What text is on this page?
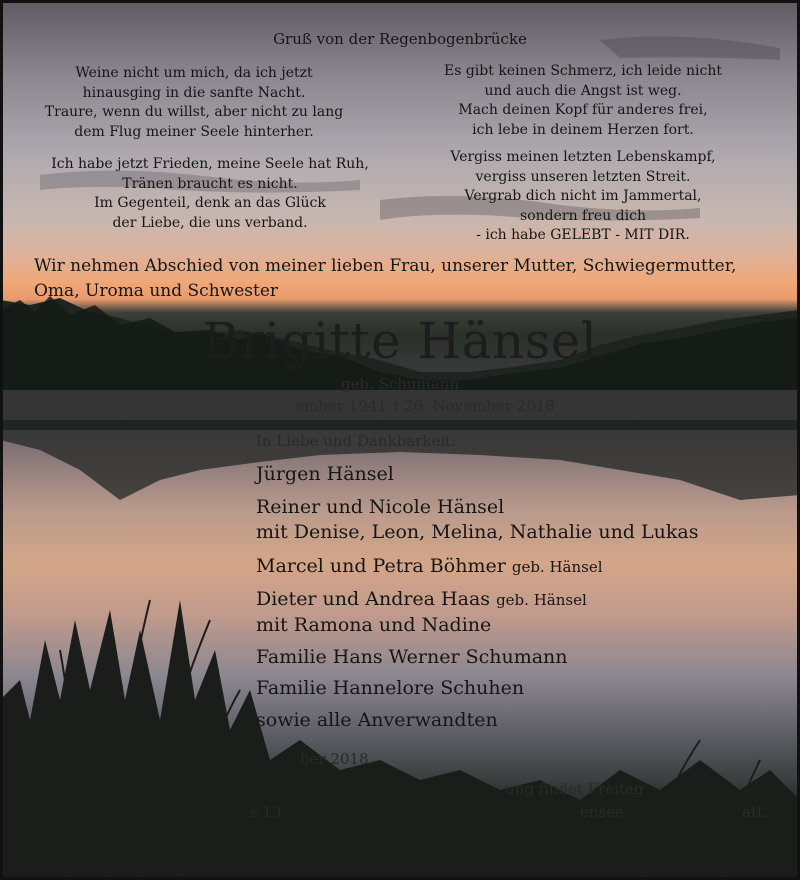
Gruß von der Regenbogenbrücke
Weine nicht um mich, da ich jetzt
hinausging in die sanfte Nacht.
Traure, wenn du willst, aber nicht zu lang
dem Flug meiner Seele hinterher.
Ich habe jetzt Frieden, meine Seele hat Ruh,
Tränen braucht es nicht.
Im Gegenteil, denk an das Glück
der Liebe, die uns verband.
Es gibt keinen Schmerz, ich leide nicht
und auch die Angst ist weg.
Mach deinen Kopf für anderes frei,
ich lebe in deinem Herzen fort.
Vergiss meinen letzten Lebenskampf,
vergiss unseren letzten Streit.
Vergrab dich nicht im Jammertal,
sondern freu dich
- ich habe GELEBT - MIT DIR.
Wir nehmen Abschied von meiner lieben Frau, unserer Mutter, Schwiegermutter, Oma, Uroma und Schwester
Brigitte Hänsel
geb. Schumann
ember 1941 † 26. November 2018
In Liebe und Dankbarkeit:
Jürgen Hänsel
Reiner und Nicole Hänsel
mit Denise, Leon, Melina, Nathalie und Lukas
Marcel und Petra Böhmer geb. Hänsel
Dieter und Andrea Haas geb. Hänsel
mit Ramona und Nadine
Familie Hans Werner Schumann
Familie Hannelore Schuhen
sowie alle Anverwandten
ber 2018
ung findet Freitag
s 13	ensee	att.
